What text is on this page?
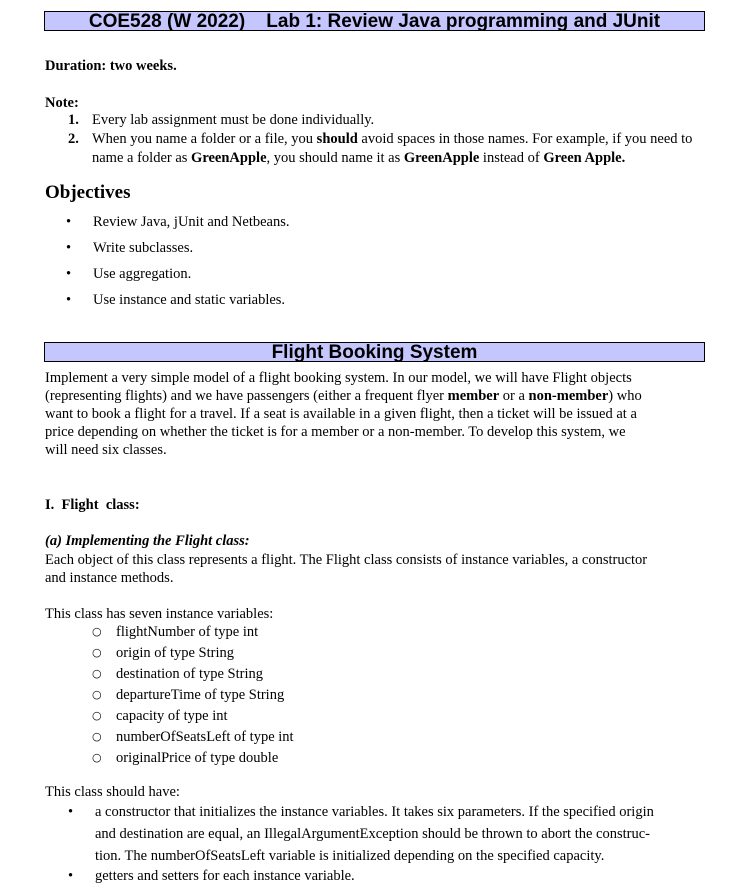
COE528 (W 2022) Lab 1: Review Java programming and JUnit
Duration: two weeks.
Note:
1. Every lab assignment must be done individually.
2. When you name a folder or a file, you should avoid spaces in those names. For example, if you need to name a folder as GreenApple, you should name it as GreenApple instead of Green Apple.
Objectives
• Review Java, jUnit and Netbeans.
• Write subclasses.
• Use aggregation.
• Use instance and static variables.
Flight Booking System
Implement a very simple model of a flight booking system. In our model, we will have Flight objects
(representing flights) and we have passengers (either a frequent flyer member or a non-member) who
want to book a flight for a travel. If a seat is available in a given flight, then a ticket will be issued at a
price depending on whether the ticket is for a member or a non-member. To develop this system, we
will need six classes.
I.  Flight  class:
(a) Implementing the Flight class:
Each object of this class represents a flight. The Flight class consists of instance variables, a constructor
and instance methods.
This class has seven instance variables:
○ flightNumber of type int
○ origin of type String
○ destination of type String
○ departureTime of type String
○ capacity of type int
○ numberOfSeatsLeft of type int
○ originalPrice of type double
This class should have:
• a constructor that initializes the instance variables. It takes six parameters. If the specified origin
and destination are equal, an IllegalArgumentException should be thrown to abort the construc-
tion. The numberOfSeatsLeft variable is initialized depending on the specified capacity.
• getters and setters for each instance variable.
